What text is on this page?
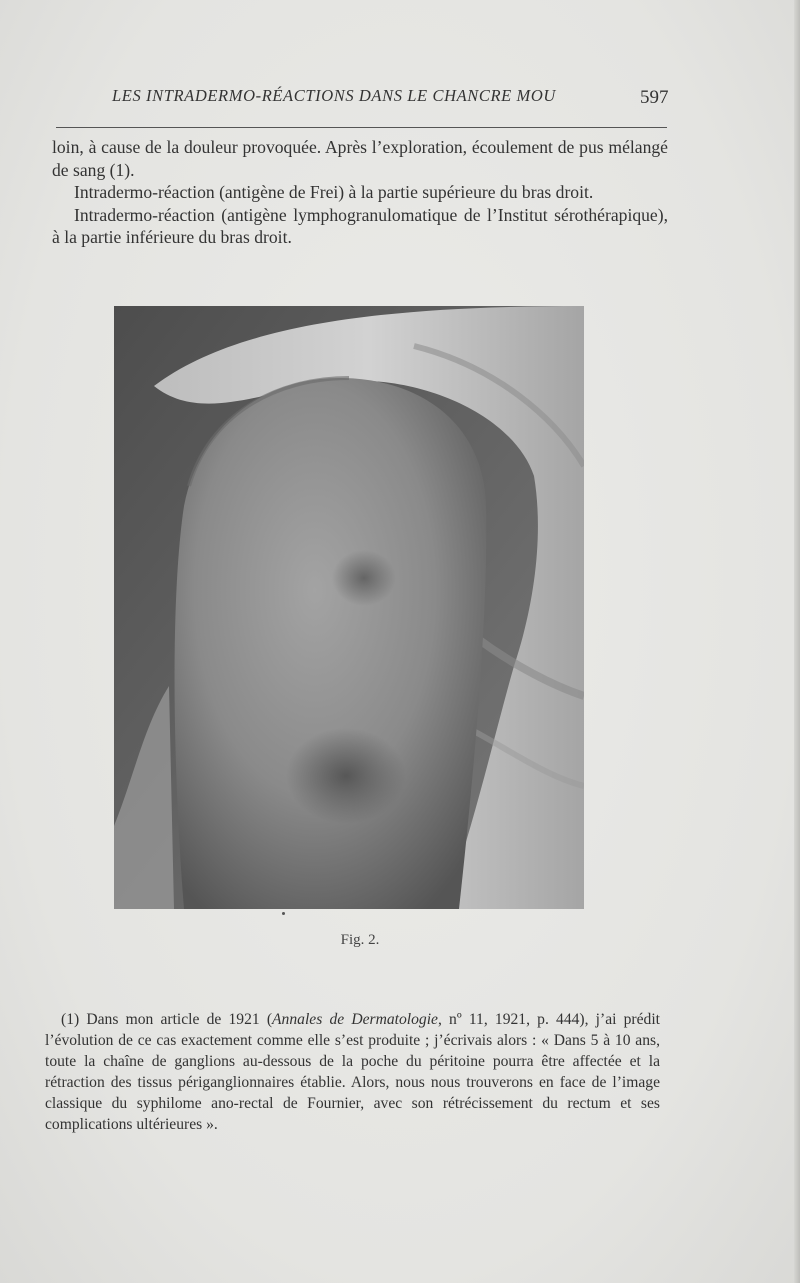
LES INTRADERMO-RÉACTIONS DANS LE CHANCRE MOU	597

loin, à cause de la douleur provoquée. Après l’exploration, écoulement de pus mélangé de sang (1).

Intradermo-réaction (antigène de Frei) à la partie supérieure du bras droit.

Intradermo-réaction (antigène lymphogranulomatique de l’Institut sérothérapique), à la partie inférieure du bras droit.

Fig. 2.

(1) Dans mon article de 1921 (Annales de Dermatologie, nº 11, 1921, p. 444), j’ai prédit l’évolution de ce cas exactement comme elle s’est produite ; j’écrivais alors : « Dans 5 à 10 ans, toute la chaîne de ganglions au-dessous de la poche du péritoine pourra être affectée et la rétraction des tissus périganglionnaires établie. Alors, nous nous trouverons en face de l’image classique du syphilome ano-rectal de Fournier, avec son rétrécissement du rectum et ses complications ultérieures ».
